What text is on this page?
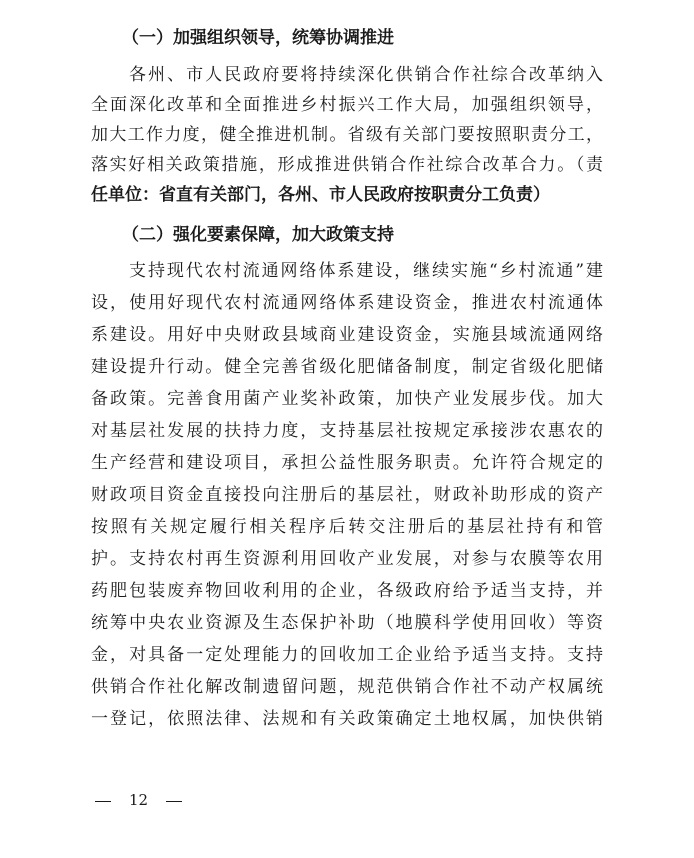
（一）加强组织领导，统筹协调推进
各州、市人民政府要将持续深化供销合作社综合改革纳入
全面深化改革和全面推进乡村振兴工作大局，加强组织领导，
加大工作力度，健全推进机制。省级有关部门要按照职责分工，
落实好相关政策措施，形成推进供销合作社综合改革合力。（责
任单位：省直有关部门，各州、市人民政府按职责分工负责）
（二）强化要素保障，加大政策支持
支持现代农村流通网络体系建设，继续实施“乡村流通”建
设，使用好现代农村流通网络体系建设资金，推进农村流通体
系建设。用好中央财政县域商业建设资金，实施县域流通网络
建设提升行动。健全完善省级化肥储备制度，制定省级化肥储
备政策。完善食用菌产业奖补政策，加快产业发展步伐。加大
对基层社发展的扶持力度，支持基层社按规定承接涉农惠农的
生产经营和建设项目，承担公益性服务职责。允许符合规定的
财政项目资金直接投向注册后的基层社，财政补助形成的资产
按照有关规定履行相关程序后转交注册后的基层社持有和管
护。支持农村再生资源利用回收产业发展，对参与农膜等农用
药肥包装废弃物回收利用的企业，各级政府给予适当支持，并
统筹中央农业资源及生态保护补助（地膜科学使用回收）等资
金，对具备一定处理能力的回收加工企业给予适当支持。支持
供销合作社化解改制遗留问题，规范供销合作社不动产权属统
一登记，依照法律、法规和有关政策确定土地权属，加快供销
12
